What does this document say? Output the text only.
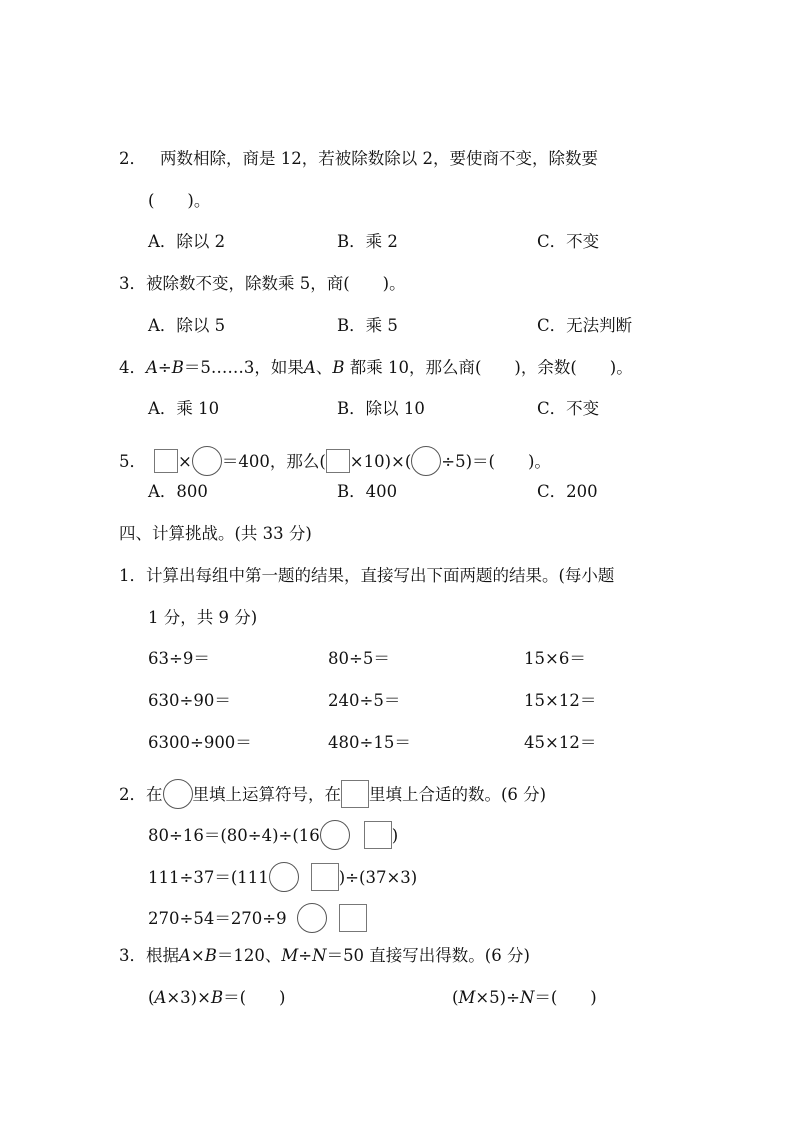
2． 两数相除，商是 12，若被除数除以 2，要使商不变，除数要
(　　)。
A．除以 2	B．乘 2	C．不变
3．被除数不变，除数乘 5，商(　　)。
A．除以 5	B．乘 5	C．无法判断
4．A÷B＝5……3，如果A、B 都乘 10，那么商(　　)，余数(　　)。
A．乘 10	B．除以 10	C．不变
5． × ＝400，那么( ×10)×( ÷5)＝(　　)。
A．800	B．400	C．200
四、计算挑战。(共 33 分)
1．计算出每组中第一题的结果，直接写出下面两题的结果。(每小题
1 分，共 9 分)
63÷9＝	80÷5＝	15×6＝
630÷90＝	240÷5＝	15×12＝
6300÷900＝	480÷15＝	45×12＝
2．在 里填上运算符号，在 里填上合适的数。(6 分)
80÷16＝(80÷4)÷(16	)
111÷37＝(111	)÷(37×3)
270÷54＝270÷9
3．根据A×B＝120、M÷N＝50 直接写出得数。(6 分)
(A×3)×B＝(　　)	(M×5)÷N＝(　　)
